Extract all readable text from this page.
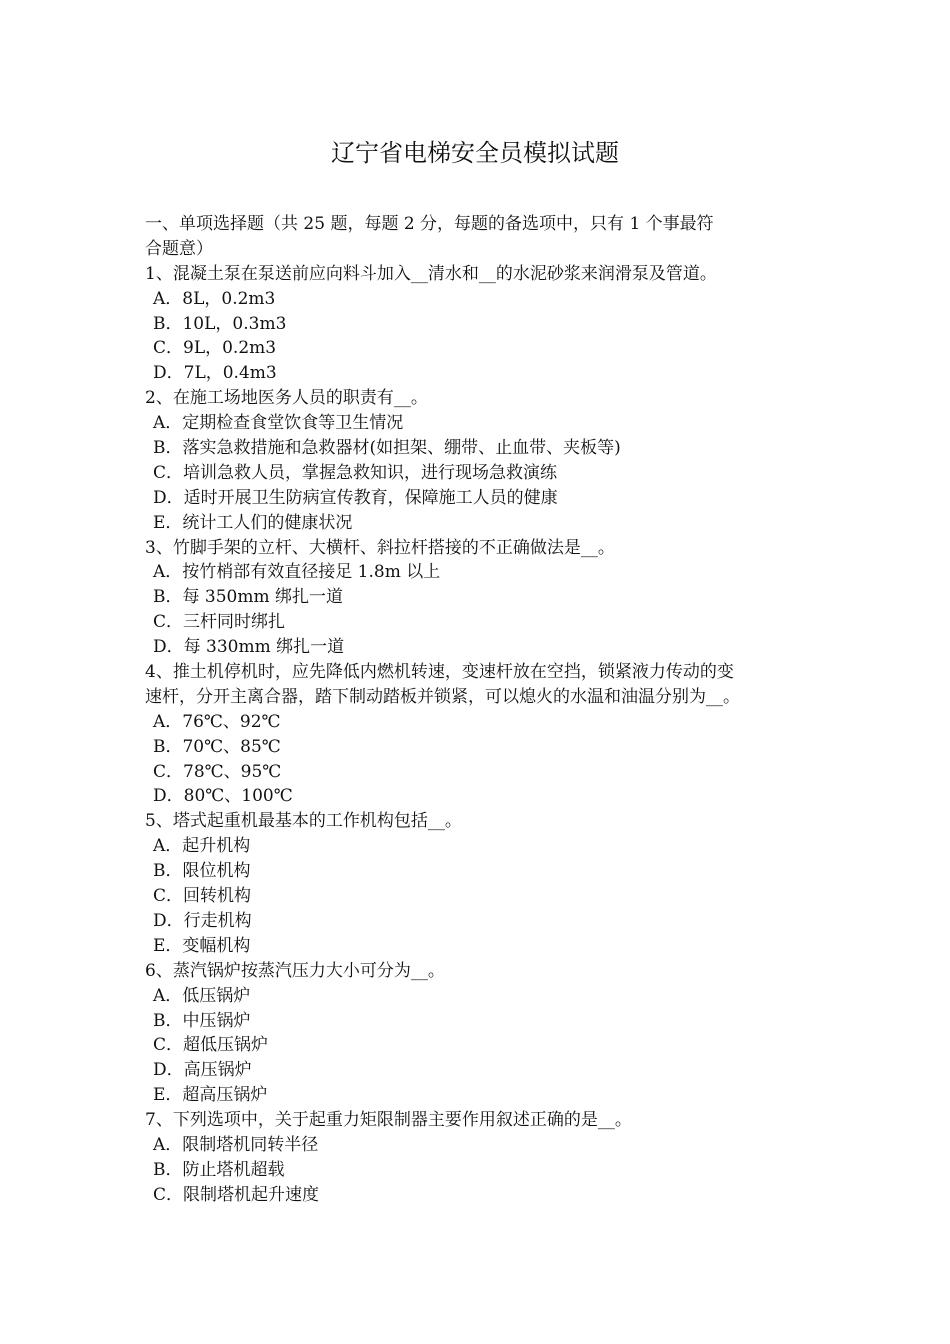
辽宁省电梯安全员模拟试题
一、单项选择题（共 25 题，每题 2 分，每题的备选项中，只有 1 个事最符
合题意）
1、混凝土泵在泵送前应向料斗加入__清水和__的水泥砂浆来润滑泵及管道。
A．8L，0.2m3
B．10L，0.3m3
C．9L，0.2m3
D．7L，0.4m3
2、在施工场地医务人员的职责有__。
A．定期检查食堂饮食等卫生情况
B．落实急救措施和急救器材(如担架、绷带、止血带、夹板等)
C．培训急救人员，掌握急救知识，进行现场急救演练
D．适时开展卫生防病宣传教育，保障施工人员的健康
E．统计工人们的健康状况
3、竹脚手架的立杆、大横杆、斜拉杆搭接的不正确做法是__。
A．按竹梢部有效直径接足 1.8m 以上
B．每 350mm 绑扎一道
C．三杆同时绑扎
D．每 330mm 绑扎一道
4、推土机停机时，应先降低内燃机转速，变速杆放在空挡，锁紧液力传动的变
速杆，分开主离合器，踏下制动踏板并锁紧，可以熄火的水温和油温分别为__。
A．76℃、92℃
B．70℃、85℃
C．78℃、95℃
D．80℃、100℃
5、塔式起重机最基本的工作机构包括__。
A．起升机构
B．限位机构
C．回转机构
D．行走机构
E．变幅机构
6、蒸汽锅炉按蒸汽压力大小可分为__。
A．低压锅炉
B．中压锅炉
C．超低压锅炉
D．高压锅炉
E．超高压锅炉
7、下列选项中，关于起重力矩限制器主要作用叙述正确的是__。
A．限制塔机同转半径
B．防止塔机超载
C．限制塔机起升速度
